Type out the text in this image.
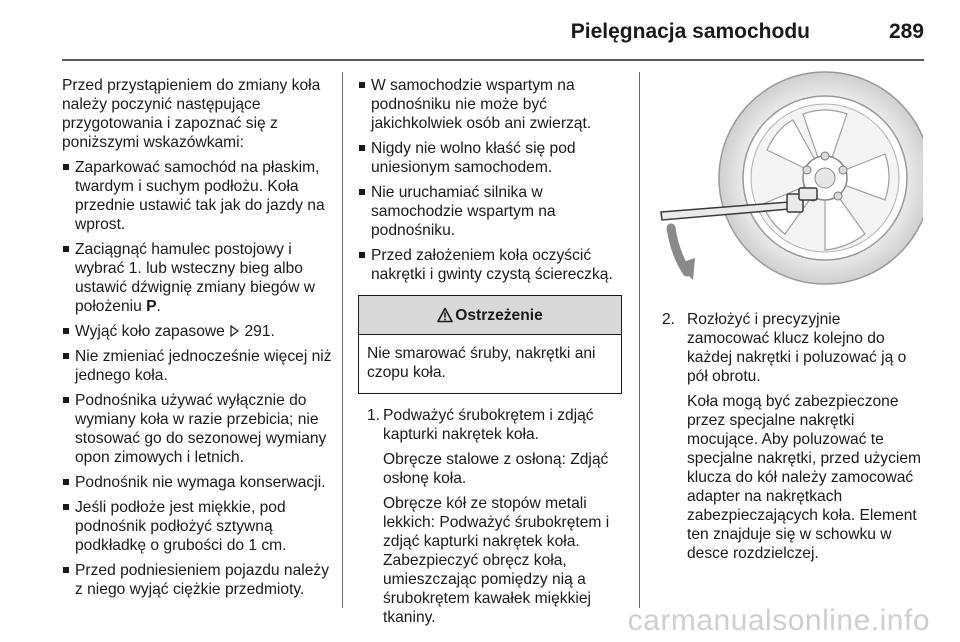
Pielęgnacja samochodu	289

Przed przystąpieniem do zmiany koła należy poczynić następujące przygotowania i zapoznać się z poniższymi wskazówkami:

Zaparkować samochód na płaskim, twardym i suchym podłożu. Koła przednie ustawić tak jak do jazdy na wprost.
Zaciągnąć hamulec postojowy i wybrać 1. lub wsteczny bieg albo ustawić dźwignię zmiany biegów w położeniu P.
Wyjąć koło zapasowe 291.
Nie zmieniać jednocześnie więcej niż jednego koła.
Podnośnika używać wyłącznie do wymiany koła w razie przebicia; nie stosować go do sezonowej wymiany opon zimowych i letnich.
Podnośnik nie wymaga konserwacji.
Jeśli podłoże jest miękkie, pod podnośnik podłożyć sztywną podkładkę o grubości do 1 cm.
Przed podniesieniem pojazdu należy z niego wyjąć ciężkie przedmioty.
W samochodzie wspartym na podnośniku nie może być jakichkolwiek osób ani zwierząt.
Nigdy nie wolno kłaść się pod uniesionym samochodem.
Nie uruchamiać silnika w samochodzie wspartym na podnośniku.
Przed założeniem koła oczyścić nakrętki i gwinty czystą ściereczką.
Ostrzeżenie
Nie smarować śruby, nakrętki ani czopu koła.
1. Podważyć śrubokrętem i zdjąć kapturki nakrętek koła.

Obręcze stalowe z osłoną: Zdjąć osłonę koła.

Obręcze kół ze stopów metali lekkich: Podważyć śrubokrętem i zdjąć kapturki nakrętek koła. Zabezpieczyć obręcz koła, umieszczając pomiędzy nią a śrubokrętem kawałek miękkiej tkaniny.

2. Rozłożyć i precyzyjnie zamocować klucz kolejno do każdej nakrętki i poluzować ją o pół obrotu.

Koła mogą być zabezpieczone przez specjalne nakrętki mocujące. Aby poluzować te specjalne nakrętki, przed użyciem klucza do kół należy zamocować adapter na nakrętkach zabezpieczających koła. Element ten znajduje się w schowku w desce rozdzielczej.

carmanualsonline.info
